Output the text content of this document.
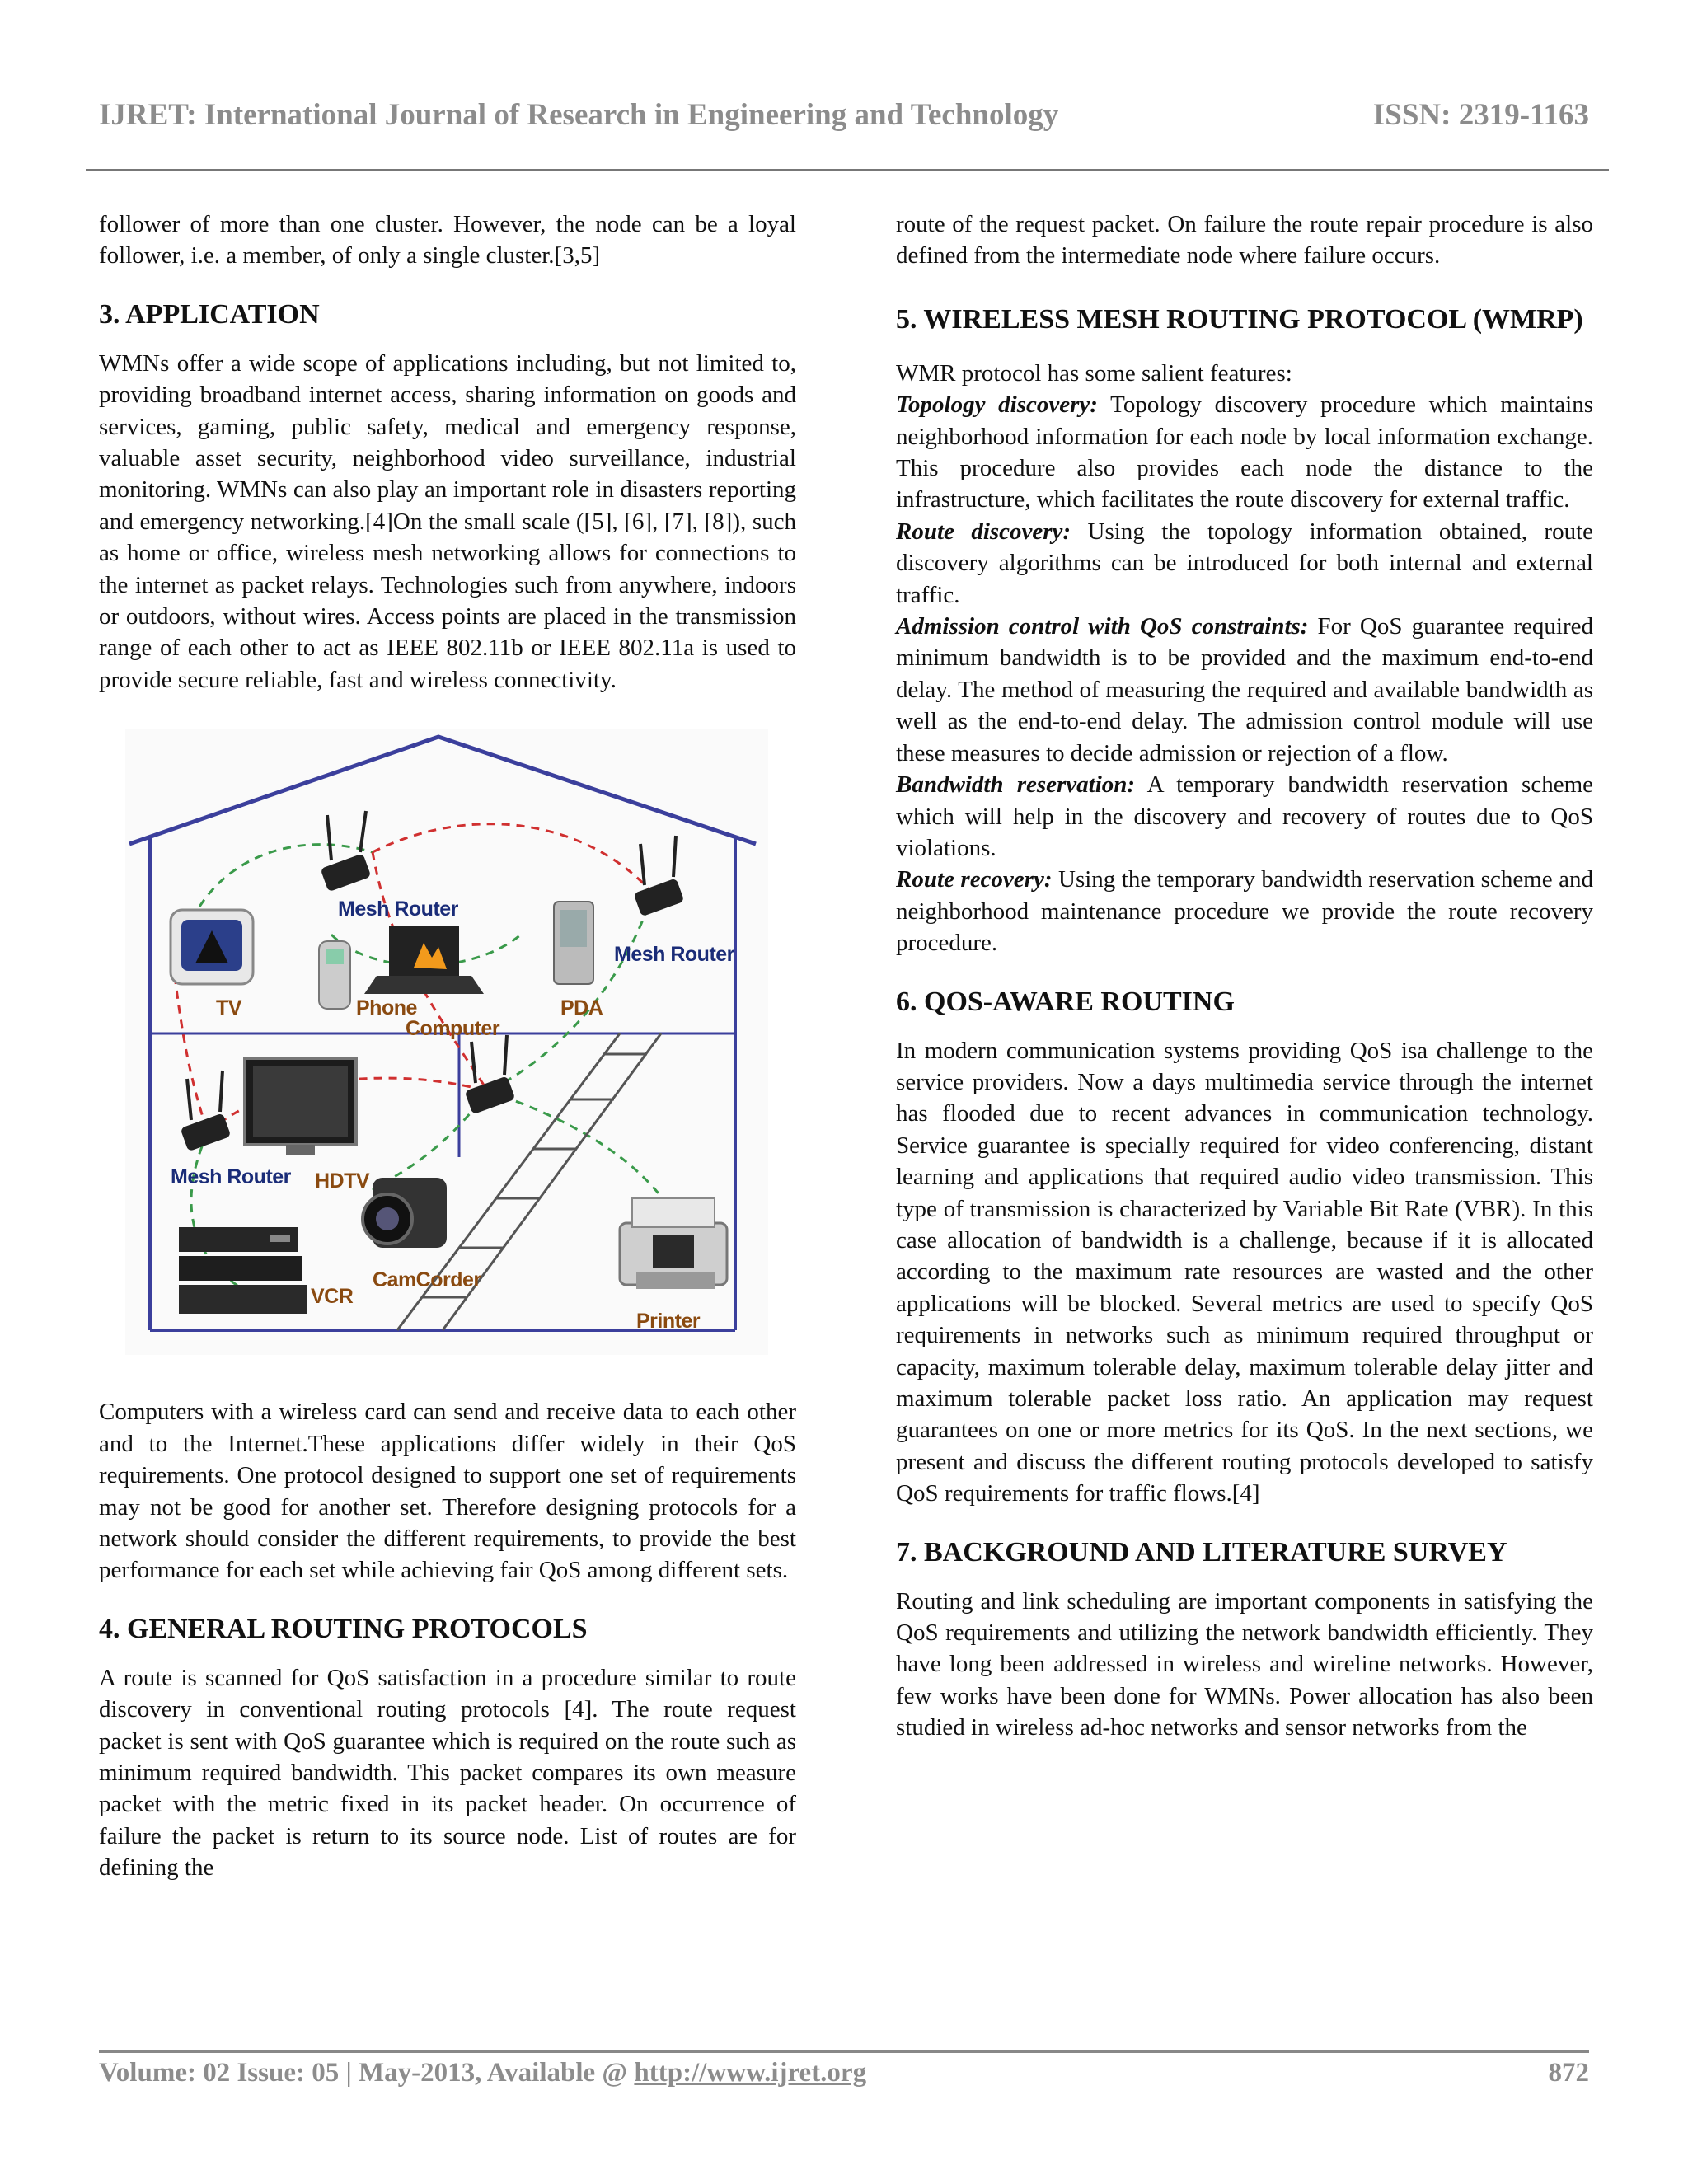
IJRET: International Journal of Research in Engineering and Technology	ISSN: 2319-1163

follower of more than one cluster. However, the node can be a loyal follower, i.e. a member, of only a single cluster.[3,5]

3. APPLICATION

WMNs offer a wide scope of applications including, but not limited to, providing broadband internet access, sharing information on goods and services, gaming, public safety, medical and emergency response, valuable asset security, neighborhood video surveillance, industrial monitoring. WMNs can also play an important role in disasters reporting and emergency networking.[4]On the small scale ([5], [6], [7], [8]), such as home or office, wireless mesh networking allows for connections to the internet as packet relays. Technologies such from anywhere, indoors or outdoors, without wires. Access points are placed in the transmission range of each other to act as IEEE 802.11b or IEEE 802.11a is used to provide secure reliable, fast and wireless connectivity.

Mesh Router
Mesh Router
Mesh Router
TV	Phone
Computer
PDA
HDTV
VCR
CamCorder
Printer

Computers with a wireless card can send and receive data to each other and to the Internet.These applications differ widely in their QoS requirements. One protocol designed to support one set of requirements may not be good for another set. Therefore designing protocols for a network should consider the different requirements, to provide the best performance for each set while achieving fair QoS among different sets.

4. GENERAL ROUTING PROTOCOLS

A route is scanned for QoS satisfaction in a procedure similar to route discovery in conventional routing protocols [4]. The route request packet is sent with QoS guarantee which is required on the route such as minimum required bandwidth. This packet compares its own measure packet with the metric fixed in its packet header. On occurrence of failure the packet is return to its source node. List of routes are for defining the

route of the request packet. On failure the route repair procedure is also defined from the intermediate node where failure occurs.

5. WIRELESS MESH ROUTING PROTOCOL (WMRP)

WMR protocol has some salient features:

Topology discovery: Topology discovery procedure which maintains neighborhood information for each node by local information exchange. This procedure also provides each node the distance to the infrastructure, which facilitates the route discovery for external traffic.

Route discovery: Using the topology information obtained, route discovery algorithms can be introduced for both internal and external traffic.

Admission control with QoS constraints: For QoS guarantee required minimum bandwidth is to be provided and the maximum end-to-end delay. The method of measuring the required and available bandwidth as well as the end-to-end delay. The admission control module will use these measures to decide admission or rejection of a flow.

Bandwidth reservation: A temporary bandwidth reservation scheme which will help in the discovery and recovery of routes due to QoS violations.

Route recovery: Using the temporary bandwidth reservation scheme and neighborhood maintenance procedure we provide the route recovery procedure.

6. QOS-AWARE ROUTING

In modern communication systems providing QoS isa challenge to the service providers. Now a days multimedia service through the internet has flooded due to recent advances in communication technology. Service guarantee is specially required for video conferencing, distant learning and applications that required audio video transmission. This type of transmission is characterized by Variable Bit Rate (VBR). In this case allocation of bandwidth is a challenge, because if it is allocated according to the maximum rate resources are wasted and the other applications will be blocked. Several metrics are used to specify QoS requirements in networks such as minimum required throughput or capacity, maximum tolerable delay, maximum tolerable delay jitter and maximum tolerable packet loss ratio. An application may request guarantees on one or more metrics for its QoS. In the next sections, we present and discuss the different routing protocols developed to satisfy QoS requirements for traffic flows.[4]

7. BACKGROUND AND LITERATURE SURVEY

Routing and link scheduling are important components in satisfying the QoS requirements and utilizing the network bandwidth efficiently. They have long been addressed in wireless and wireline networks. However, few works have been done for WMNs. Power allocation has also been studied in wireless ad-hoc networks and sensor networks from the

Volume: 02 Issue: 05 | May-2013, Available @ http://www.ijret.org	872
